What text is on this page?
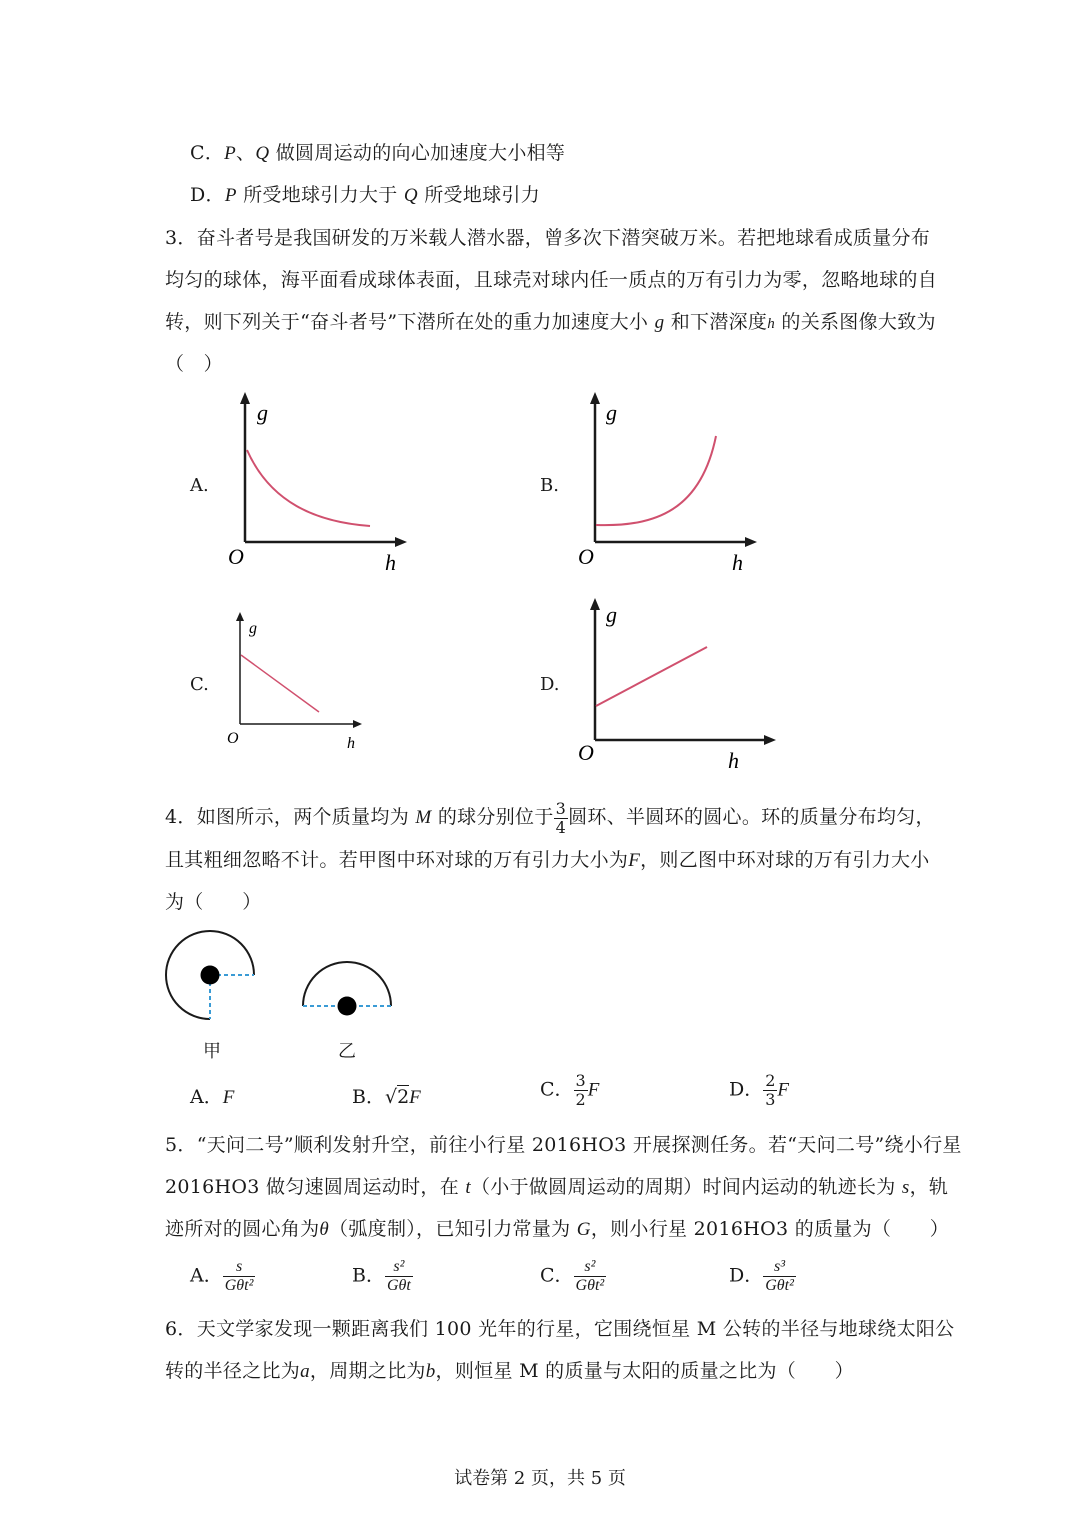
C．P、Q 做圆周运动的向心加速度大小相等
D．P 所受地球引力大于 Q 所受地球引力
3．奋斗者号是我国研发的万米载人潜水器，曾多次下潜突破万米。若把地球看成质量分布
均匀的球体，海平面看成球体表面，且球壳对球内任一质点的万有引力为零，忽略地球的自
转，则下列关于“奋斗者号”下潜所在处的重力加速度大小 g 和下潜深度h 的关系图像大致为
（　）
A.
g
O	h
B.
g
O	h
C.
g
O	h
D.
g
O	h
4．如图所示，两个质量均为 M 的球分别位于 $\frac{3}{4}$ 圆环、半圆环的圆心。环的质量分布均匀，
且其粗细忽略不计。若甲图中环对球的万有引力大小为F，则乙图中环对球的万有引力大小
为（　　）
甲	乙
A．F	B．√2F	C． $\frac{3}{2}$ F	D． $\frac{2}{3}$ F
5．“天问二号”顺利发射升空，前往小行星 2016HO3 开展探测任务。若“天问二号”绕小行星
2016HO3 做匀速圆周运动时，在 t（小于做圆周运动的周期）时间内运动的轨迹长为 s，轨
迹所对的圆心角为θ（弧度制），已知引力常量为 G，则小行星 2016HO3 的质量为（　　）
A． $\frac{s}{\text{Gθt²}}$	B． $\frac{\text{s²}}{\text{Gθt}}$	C． $\frac{\text{s²}}{\text{Gθt²}}$	D． $\frac{\text{s³}}{\text{Gθt²}}$
6．天文学家发现一颗距离我们 100 光年的行星，它围绕恒星 M 公转的半径与地球绕太阳公
转的半径之比为a，周期之比为b，则恒星 M 的质量与太阳的质量之比为（　　）
试卷第 2 页，共 5 页
